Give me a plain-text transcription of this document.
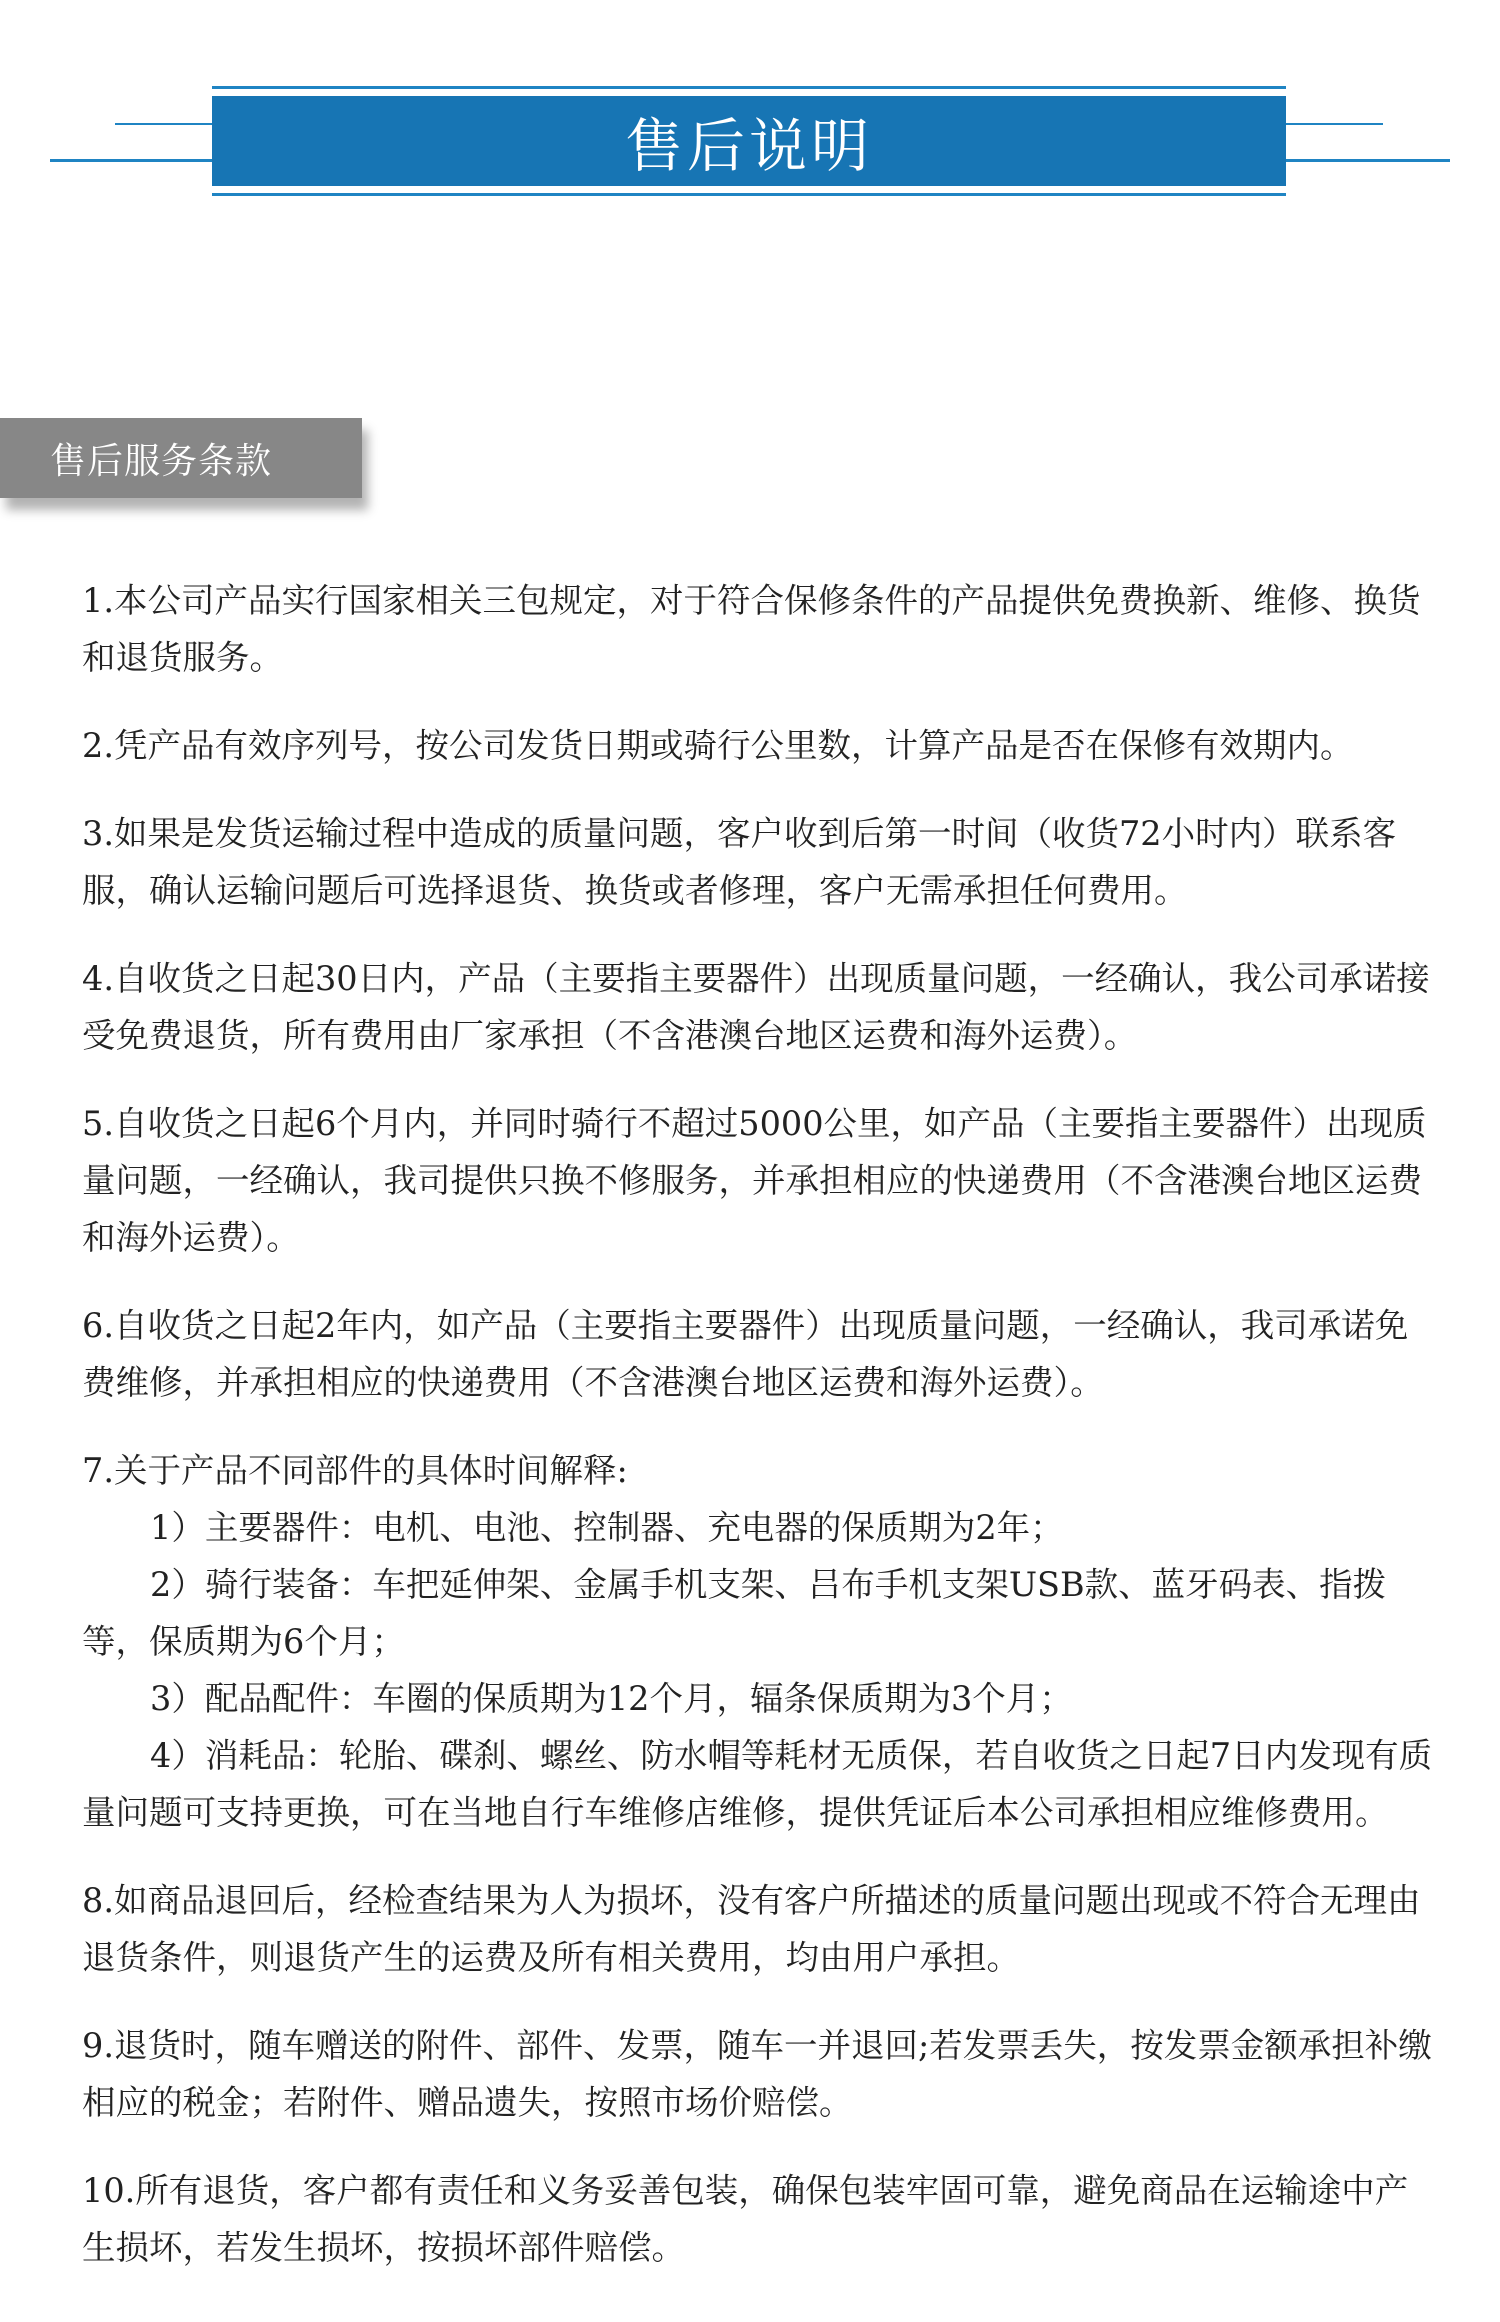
售后说明
售后服务条款

1.本公司产品实行国家相关三包规定，对于符合保修条件的产品提供免费换新、维修、换货和退货服务。

2.凭产品有效序列号，按公司发货日期或骑行公里数，计算产品是否在保修有效期内。

3.如果是发货运输过程中造成的质量问题，客户收到后第一时间（收货72小时内）联系客服，确认运输问题后可选择退货、换货或者修理，客户无需承担任何费用。

4.自收货之日起30日内，产品（主要指主要器件）出现质量问题，一经确认，我公司承诺接受免费退货，所有费用由厂家承担（不含港澳台地区运费和海外运费）。

5.自收货之日起6个月内，并同时骑行不超过5000公里，如产品（主要指主要器件）出现质量问题，一经确认，我司提供只换不修服务，并承担相应的快递费用（不含港澳台地区运费和海外运费）。

6.自收货之日起2年内，如产品（主要指主要器件）出现质量问题，一经确认，我司承诺免费维修，并承担相应的快递费用（不含港澳台地区运费和海外运费）。

7.关于产品不同部件的具体时间解释:

1）主要器件：电机、电池、控制器、充电器的保质期为2年；

2）骑行装备：车把延伸架、金属手机支架、吕布手机支架USB款、蓝牙码表、指拨等，保质期为6个月；

3）配品配件：车圈的保质期为12个月，辐条保质期为3个月；

4）消耗品：轮胎、碟刹、螺丝、防水帽等耗材无质保，若自收货之日起7日内发现有质量问题可支持更换，可在当地自行车维修店维修，提供凭证后本公司承担相应维修费用。

8.如商品退回后，经检查结果为人为损坏，没有客户所描述的质量问题出现或不符合无理由退货条件，则退货产生的运费及所有相关费用，均由用户承担。

9.退货时，随车赠送的附件、部件、发票，随车一并退回;若发票丢失，按发票金额承担补缴相应的税金；若附件、赠品遗失，按照市场价赔偿。

10.所有退货，客户都有责任和义务妥善包装，确保包装牢固可靠，避免商品在运输途中产生损坏，若发生损坏，按损坏部件赔偿。
